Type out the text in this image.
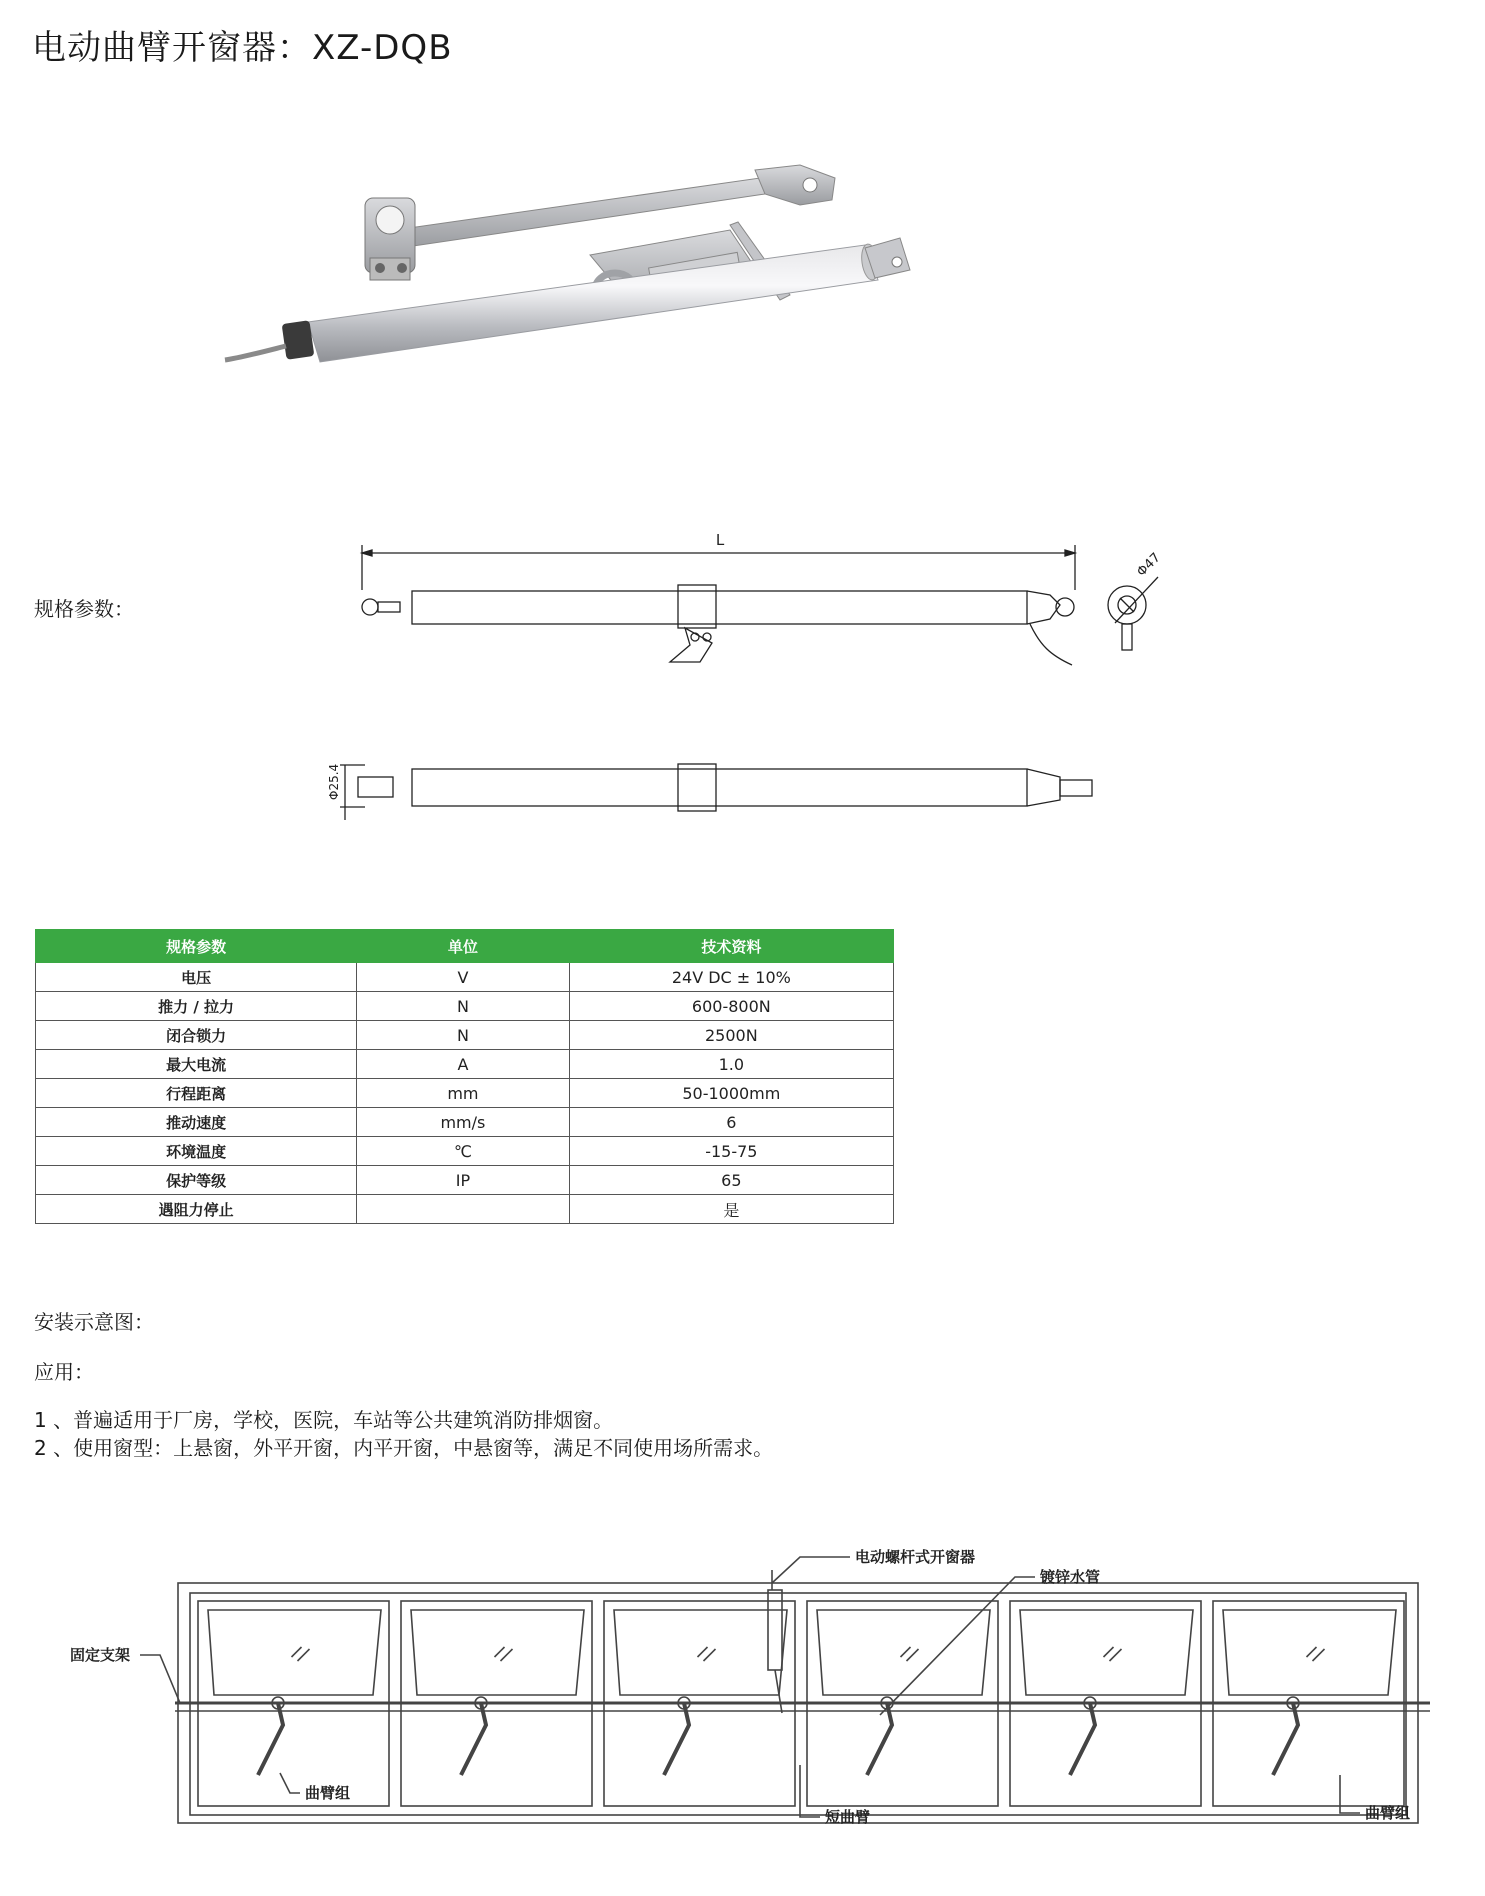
电动曲臂开窗器：XZ-DQB
规格参数：
L
Φ47
Φ25.4
规格参数	单位	技术资料
电压	V	24V DC ± 10%
推力 / 拉力	N	600-800N
闭合锁力	N	2500N
最大电流	A	1.0
行程距离	mm	50-1000mm
推动速度	mm/s	6
环境温度	℃	-15-75
保护等级	IP	65
遇阻力停止		是
安装示意图：
应用：
1 、普遍适用于厂房，学校，医院，车站等公共建筑消防排烟窗。
2 、使用窗型：上悬窗，外平开窗，内平开窗，中悬窗等，满足不同使用场所需求。
电动螺杆式开窗器
镀锌水管
固定支架
曲臂组
短曲臂	曲臂组
